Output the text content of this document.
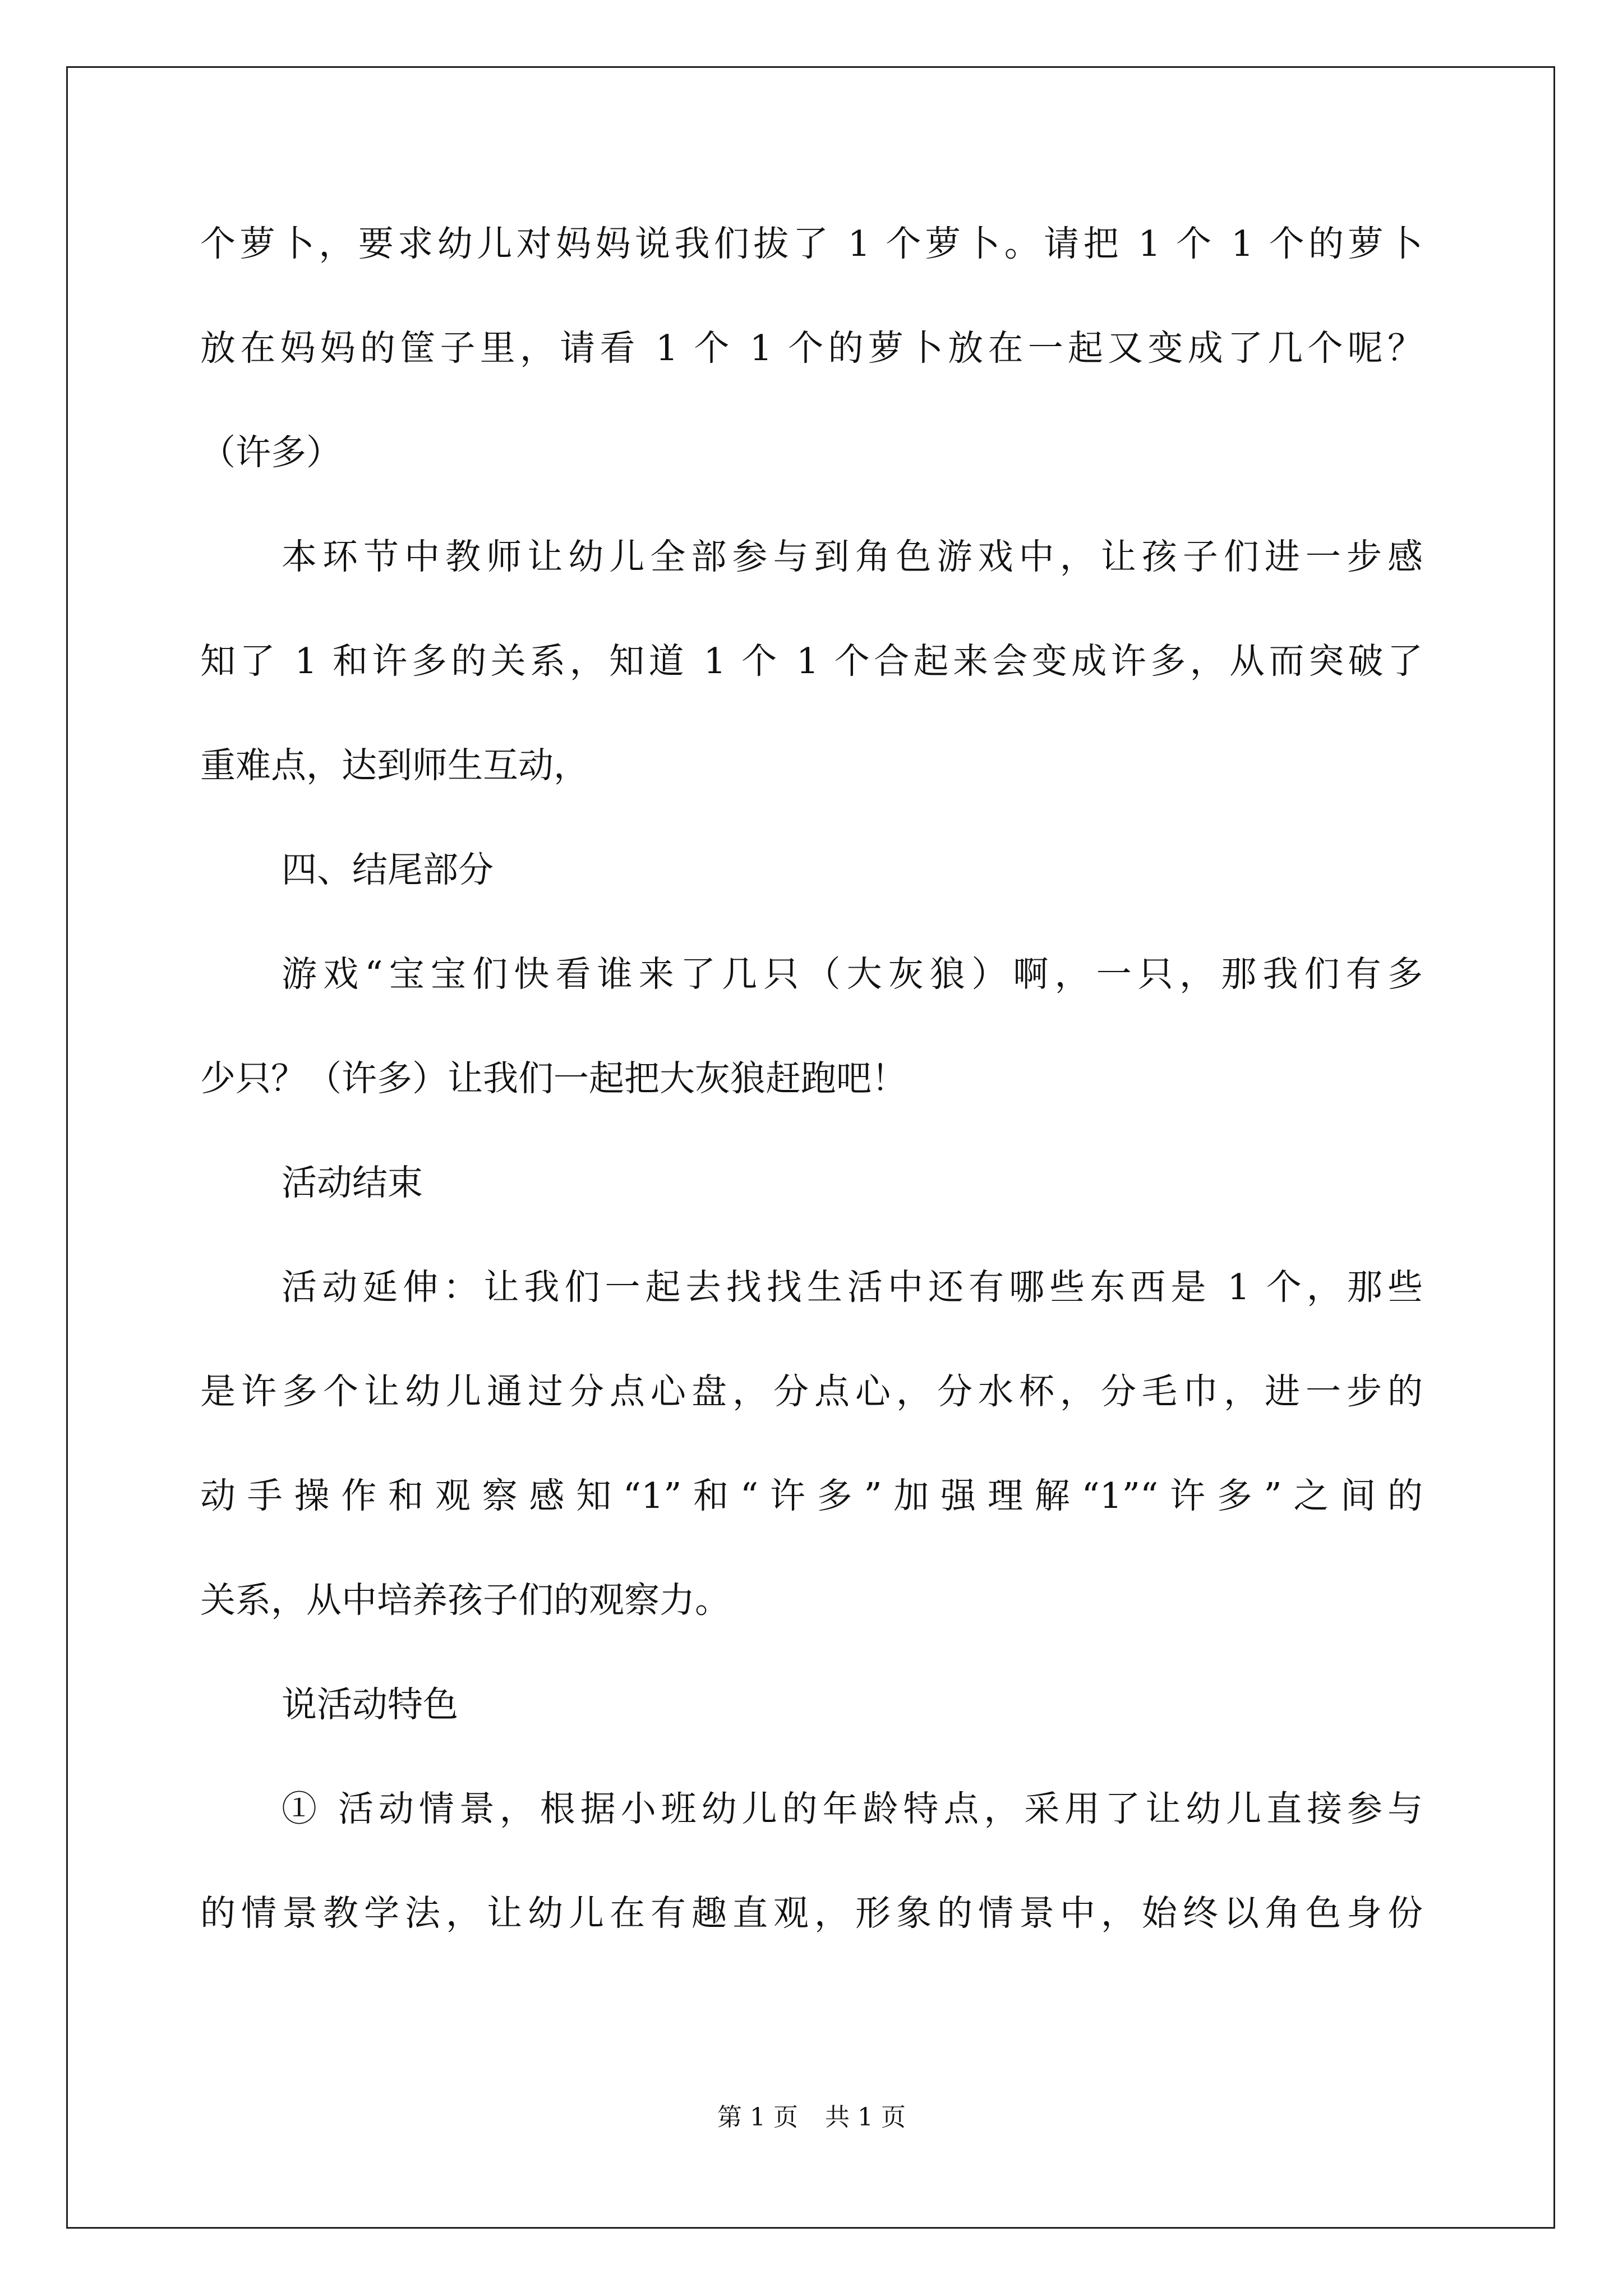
个萝卜，要求幼儿对妈妈说我们拔了 1 个萝卜。请把 1 个 1 个的萝卜
放在妈妈的筐子里，请看 1 个 1 个的萝卜放在一起又变成了几个呢？
（许多）
本环节中教师让幼儿全部参与到角色游戏中，让孩子们进一步感
知了 1 和许多的关系，知道 1 个 1 个合起来会变成许多，从而突破了
重难点，达到师生互动，
四、结尾部分
游戏“宝宝们快看谁来了几只（大灰狼）啊，一只，那我们有多
少只？（许多）让我们一起把大灰狼赶跑吧！
活动结束
活动延伸：让我们一起去找找生活中还有哪些东西是 1 个，那些
是许多个让幼儿通过分点心盘，分点心，分水杯，分毛巾，进一步的
动手操作和观察感知“1”和“许多”加强理解“1”“许多”之间的
关系，从中培养孩子们的观察力。
说活动特色
① 活动情景，根据小班幼儿的年龄特点，采用了让幼儿直接参与
的情景教学法，让幼儿在有趣直观，形象的情景中，始终以角色身份
第 1 页 共 1 页
